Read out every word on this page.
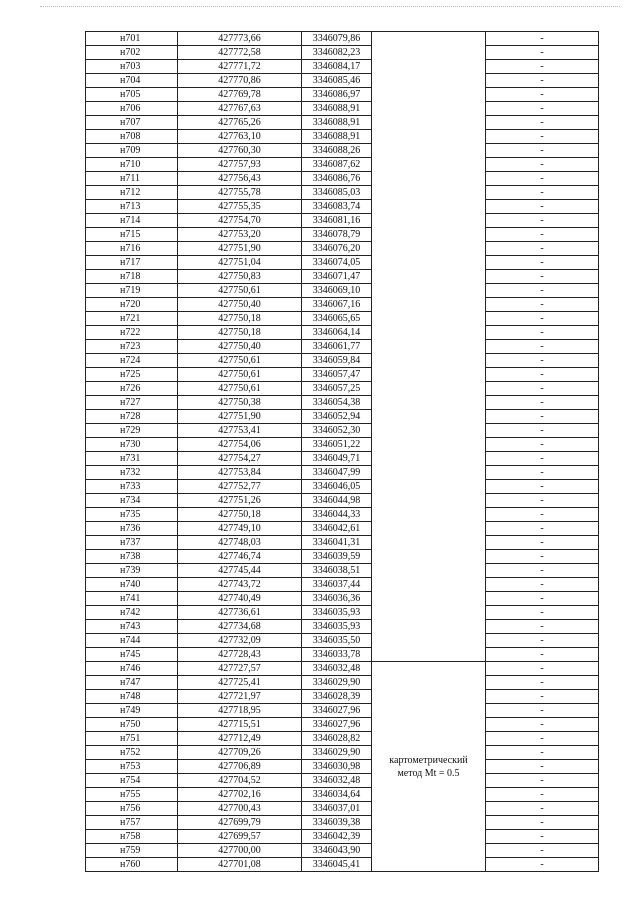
н701	427773,66	3346079,86		-
н702	427772,58	3346082,23		-
н703	427771,72	3346084,17		-
н704	427770,86	3346085,46		-
н705	427769,78	3346086,97		-
н706	427767,63	3346088,91		-
н707	427765,26	3346088,91		-
н708	427763,10	3346088,91		-
н709	427760,30	3346088,26		-
н710	427757,93	3346087,62		-
н711	427756,43	3346086,76		-
н712	427755,78	3346085,03		-
н713	427755,35	3346083,74		-
н714	427754,70	3346081,16		-
н715	427753,20	3346078,79		-
н716	427751,90	3346076,20		-
н717	427751,04	3346074,05		-
н718	427750,83	3346071,47		-
н719	427750,61	3346069,10		-
н720	427750,40	3346067,16		-
н721	427750,18	3346065,65		-
н722	427750,18	3346064,14		-
н723	427750,40	3346061,77		-
н724	427750,61	3346059,84		-
н725	427750,61	3346057,47		-
н726	427750,61	3346057,25		-
н727	427750,38	3346054,38		-
н728	427751,90	3346052,94		-
н729	427753,41	3346052,30		-
н730	427754,06	3346051,22		-
н731	427754,27	3346049,71		-
н732	427753,84	3346047,99		-
н733	427752,77	3346046,05		-
н734	427751,26	3346044,98		-
н735	427750,18	3346044,33		-
н736	427749,10	3346042,61		-
н737	427748,03	3346041,31		-
н738	427746,74	3346039,59		-
н739	427745,44	3346038,51		-
н740	427743,72	3346037,44		-
н741	427740,49	3346036,36		-
н742	427736,61	3346035,93		-
н743	427734,68	3346035,93		-
н744	427732,09	3346035,50		-
н745	427728,43	3346033,78		-
н746	427727,57	3346032,48	картометрический
метод Mt = 0.5	-
н747	427725,41	3346029,90		-
н748	427721,97	3346028,39		-
н749	427718,95	3346027,96		-
н750	427715,51	3346027,96		-
н751	427712,49	3346028,82		-
н752	427709,26	3346029,90		-
н753	427706,89	3346030,98		-
н754	427704,52	3346032,48		-
н755	427702,16	3346034,64		-
н756	427700,43	3346037,01		-
н757	427699,79	3346039,38		-
н758	427699,57	3346042,39		-
н759	427700,00	3346043,90		-
н760	427701,08	3346045,41		-
